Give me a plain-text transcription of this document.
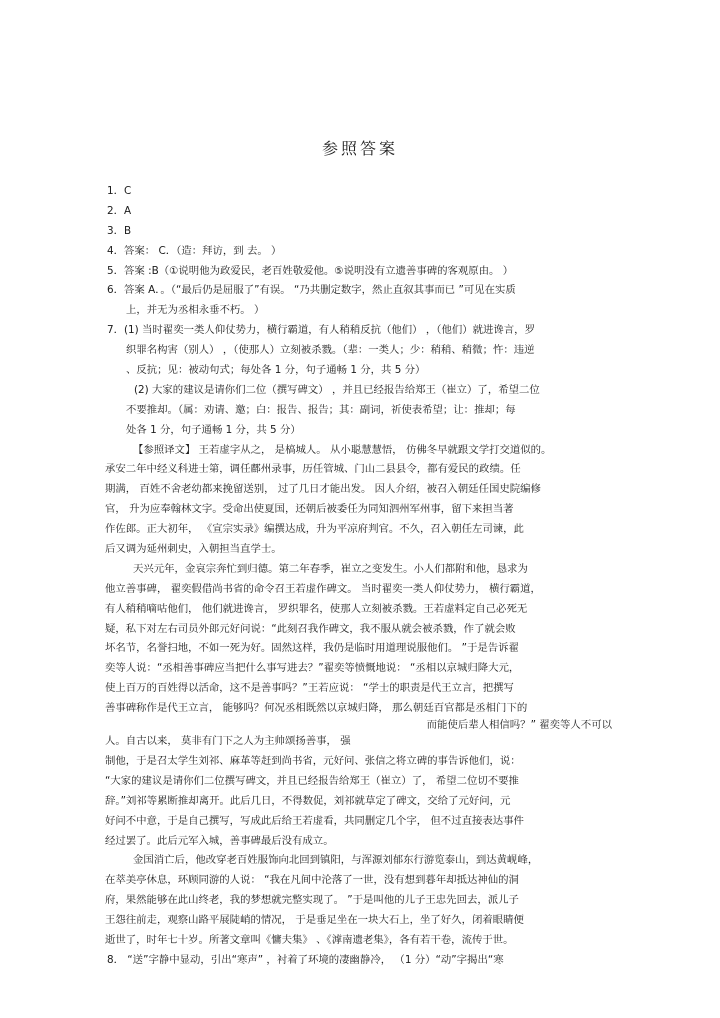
参照答案
1．C
2．A
3．B
4．答案： C．（造：拜访，到 去。 ）
5．答案 :B（①说明他为政爱民，老百姓敬爱他。⑤说明没有立遗善事碑的客观原由。 ）
6．答案 A．。（“最后仍是屈服了”有误。 “乃共删定数字，然止直叙其事而已 ”可见在实质
上，并无为丞相永垂不朽。 ）
7．(1) 当时翟奕一类人仰仗势力，横行霸道，有人稍稍反抗（他们） ，（他们）就进谗言，罗
织罪名构害（别人） ，（使那人）立刻被杀戮。（辈：一类人；少：稍稍、稍微；忤：违逆
、反抗；见：被动句式；每处各 1 分，句子通畅 1 分，共 5 分）
(2) 大家的建议是请你们二位（撰写碑文） ，并且已经报告给郑王（崔立）了，希望二位
不要推却。（属：劝请、邀；白：报告、报告；其：副词，祈使表希望；让：推却；每
处各 1 分，句子通畅 1 分，共 5 分）
【参照译文】 王若虚字从之， 是槁城人。 从小聪慧慧悟， 仿佛冬早就跟文学打交道似的。
承安二年中经义科进士第，调任鄜州录事，历任管城、门山二县县令，都有爱民的政绩。任
期满， 百姓不舍老幼都来挽留送别， 过了几日才能出发。 因人介绍，被召入朝廷任国史院编修
官， 升为应奉翰林文字。受命出使夏国，还朝后被委任为同知泗州军州事，留下来担当著
作佐郎。正大初年， 《宣宗实录》编撰达成，升为平凉府判官。不久，召入朝任左司谏，此
后又调为延州刺史，入朝担当直学士。
天兴元年，金哀宗奔忙到归德。第二年春季，崔立之变发生。小人们都附和他，恳求为
他立善事碑， 翟奕假借尚书省的命令召王若虚作碑文。 当时翟奕一类人仰仗势力， 横行霸道，
有人稍稍嘀咕他们， 他们就进谗言， 罗织罪名，使那人立刻被杀戮。王若虚料定自己必死无
疑，私下对左右司员外郎元好问说：“此刻召我作碑文，我不服从就会被杀戮，作了就会败
坏名节，名誉扫地，不如一死为好。固然这样，我仍是临时用道理说服他们。 ”于是告诉翟
奕等人说：“丞相善事碑应当把什么事写进去？”翟奕等愤慨地说： “丞相以京城归降大元，
使上百万的百姓得以活命，这不是善事吗？”王若应说： “学士的职责是代王立言，把撰写
善事碑称作是代王立言， 能够吗？何况丞相既然以京城归降， 那么朝廷百官都是丞相门下的
而能使后辈人相信吗？” 翟奕等人不可以
人。自古以来， 莫非有门下之人为主帅颂扬善事， 强
制他，于是召太学生刘祁、麻革等赶到尚书省，元好问、张信之将立碑的事告诉他们，说：
“大家的建议是请你们二位撰写碑文，并且已经报告给郑王（崔立）了， 希望二位切不要推
辞。”刘祁等累断推却离开。此后几日，不得数促，刘祁就草定了碑文，交给了元好问，元
好问不中意，于是自己撰写，写成此后给王若虚看，共同删定几个字， 但不过直接表达事件
经过罢了。此后元军入城，善事碑最后没有成立。
金国消亡后，他改穿老百姓服饰向北回到镇阳，与浑源刘郁东行游览泰山，到达黄岘峰，
在萃美亭休息，环顾同游的人说： “我在凡间中沦落了一世，没有想到暮年却抵达神仙的洞
府，果然能够在此山终老，我的梦想就完整实现了。 ”于是叫他的儿子王忠先回去，派儿子
王怨往前走，观察山路平展陡峭的情况， 于是垂足坐在一块大石上，坐了好久，闭着眼睛便
逝世了，时年七十岁。所著文章叫《慵夫集》 、《滹南遗老集》，各有若干卷，流传于世。
8． “送”字静中显动，引出“寒声” ，衬着了环境的凄幽静冷， （1 分）“动”字揭出“寒
